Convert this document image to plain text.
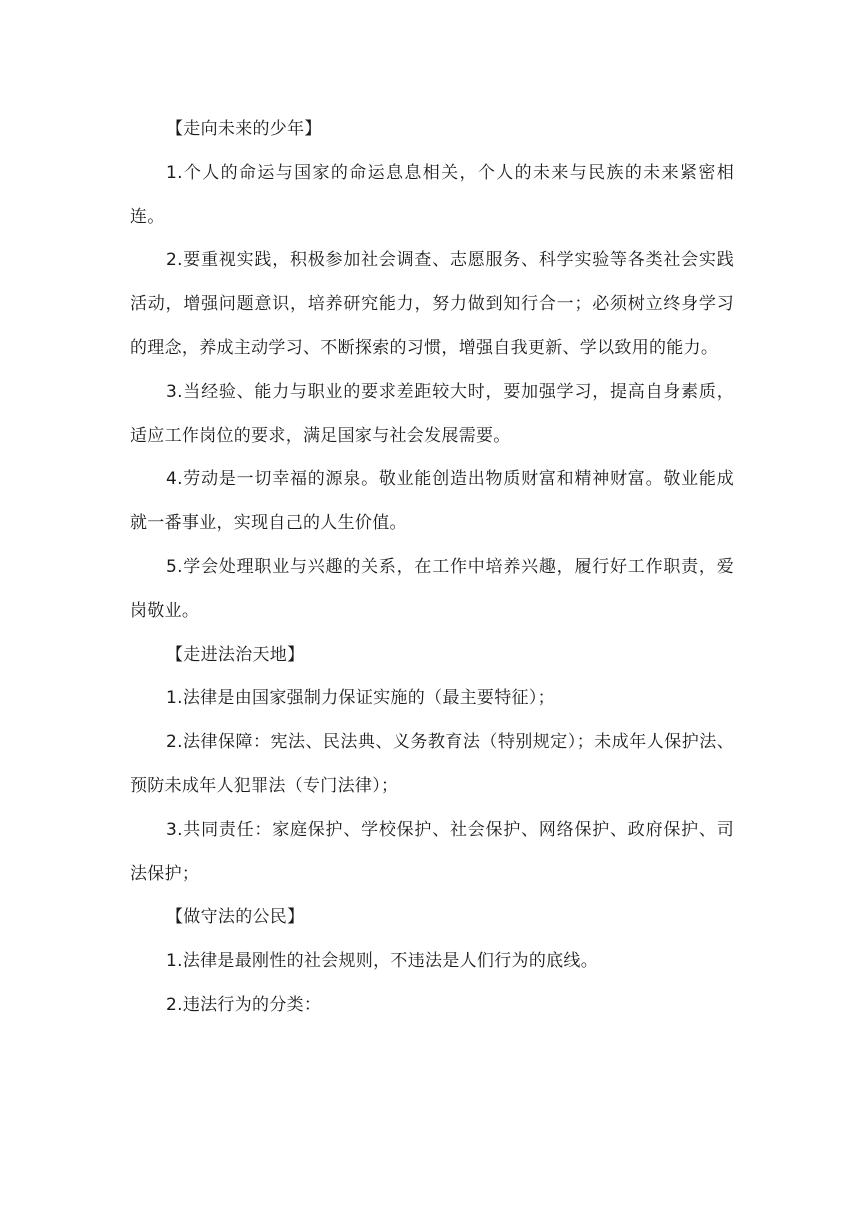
【走向未来的少年】

1.个人的命运与国家的命运息息相关，个人的未来与民族的未来紧密相连。

2.要重视实践，积极参加社会调查、志愿服务、科学实验等各类社会实践活动，增强问题意识，培养研究能力，努力做到知行合一；必须树立终身学习的理念，养成主动学习、不断探索的习惯，增强自我更新、学以致用的能力。

3.当经验、能力与职业的要求差距较大时，要加强学习，提高自身素质，适应工作岗位的要求，满足国家与社会发展需要。

4.劳动是一切幸福的源泉。敬业能创造出物质财富和精神财富。敬业能成就一番事业，实现自己的人生价值。

5.学会处理职业与兴趣的关系，在工作中培养兴趣，履行好工作职责，爱岗敬业。

【走进法治天地】

1.法律是由国家强制力保证实施的（最主要特征）；

2.法律保障：宪法、民法典、义务教育法（特别规定）；未成年人保护法、预防未成年人犯罪法（专门法律）；

3.共同责任：家庭保护、学校保护、社会保护、网络保护、政府保护、司法保护；

【做守法的公民】

1.法律是最刚性的社会规则，不违法是人们行为的底线。

2.违法行为的分类：
